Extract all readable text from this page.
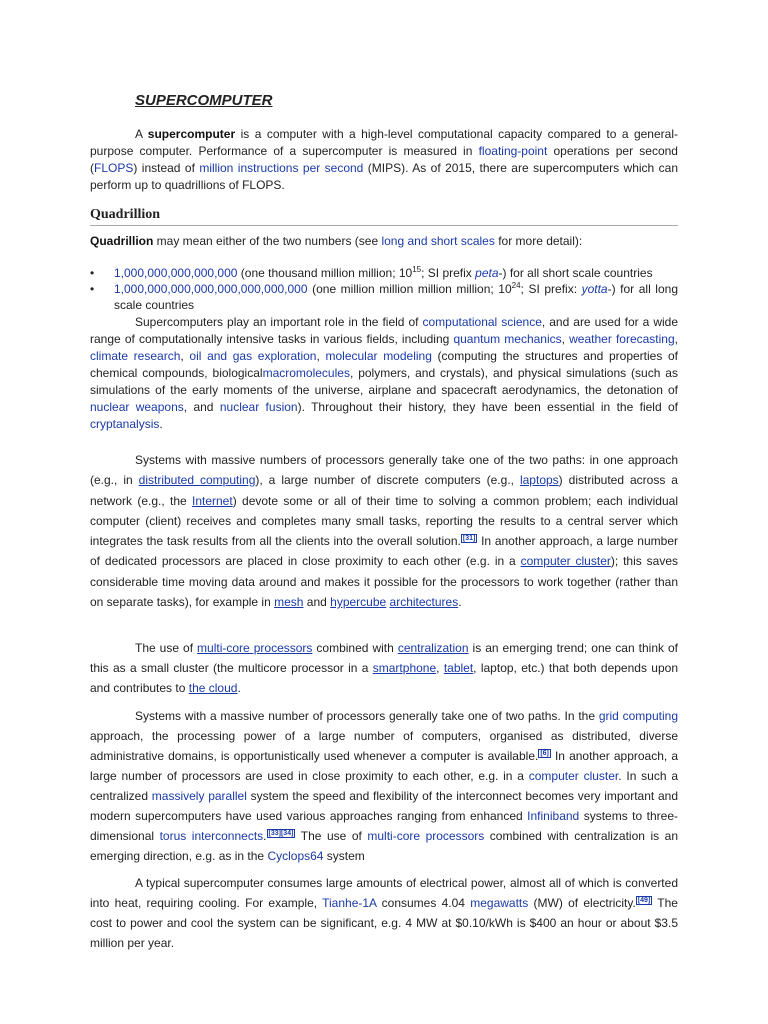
SUPERCOMPUTER

A supercomputer is a computer with a high-level computational capacity compared to a general-purpose computer. Performance of a supercomputer is measured in floating-point operations per second (FLOPS) instead of million instructions per second (MIPS). As of 2015, there are supercomputers which can perform up to quadrillions of FLOPS.

Quadrillion

Quadrillion may mean either of the two numbers (see long and short scales for more detail):

• 1,000,000,000,000,000 (one thousand million million; $10^{15}$; SI prefix peta-) for all short scale countries
• 1,000,000,000,000,000,000,000,000 (one million million million million; $10^{24}$; SI prefix: yotta-) for all long scale countries

Supercomputers play an important role in the field of computational science, and are used for a wide range of computationally intensive tasks in various fields, including quantum mechanics, weather forecasting, climate research, oil and gas exploration, molecular modeling (computing the structures and properties of chemical compounds, biologicalmacromolecules, polymers, and crystals), and physical simulations (such as simulations of the early moments of the universe, airplane and spacecraft aerodynamics, the detonation of nuclear weapons, and nuclear fusion). Throughout their history, they have been essential in the field of cryptanalysis.

Systems with massive numbers of processors generally take one of the two paths: in one approach (e.g., in distributed computing), a large number of discrete computers (e.g., laptops) distributed across a network (e.g., the Internet) devote some or all of their time to solving a common problem; each individual computer (client) receives and completes many small tasks, reporting the results to a central server which integrates the task results from all the clients into the overall solution. [31] In another approach, a large number of dedicated processors are placed in close proximity to each other (e.g. in a computer cluster); this saves considerable time moving data around and makes it possible for the processors to work together (rather than on separate tasks), for example in mesh and hypercube architectures.

The use of multi-core processors combined with centralization is an emerging trend; one can think of this as a small cluster (the multicore processor in a smartphone, tablet, laptop, etc.) that both depends upon and contributes to the cloud.

Systems with a massive number of processors generally take one of two paths. In the grid computing approach, the processing power of a large number of computers, organised as distributed, diverse administrative domains, is opportunistically used whenever a computer is available. [6] In another approach, a large number of processors are used in close proximity to each other, e.g. in a computer cluster. In such a centralized massively parallel system the speed and flexibility of the interconnect becomes very important and modern supercomputers have used various approaches ranging from enhanced Infiniband systems to three-dimensional torus interconnects. [33][34] The use of multi-core processors combined with centralization is an emerging direction, e.g. as in the Cyclops64 system

A typical supercomputer consumes large amounts of electrical power, almost all of which is converted into heat, requiring cooling. For example, Tianhe-1A consumes 4.04 megawatts (MW) of electricity. [49] The cost to power and cool the system can be significant, e.g. 4 MW at $0.10/kWh is $400 an hour or about $3.5 million per year.
